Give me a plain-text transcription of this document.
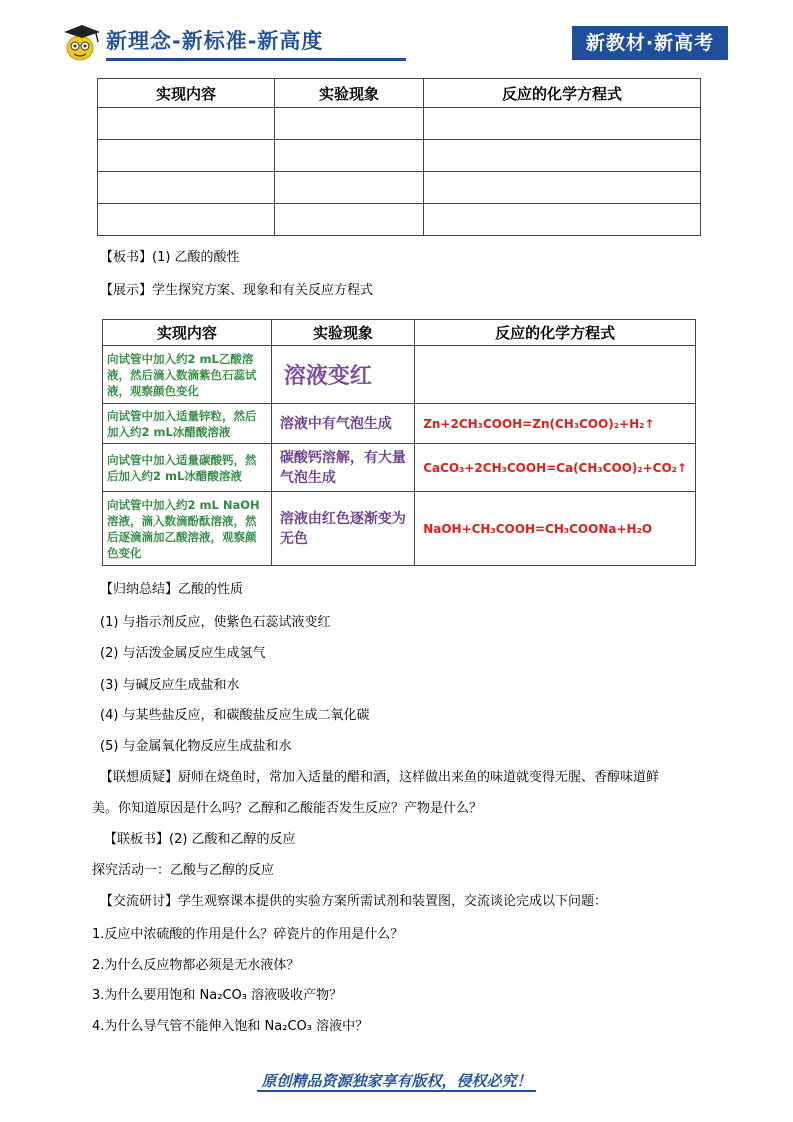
新理念-新标准-新高度	新教材·新高考
实现内容	实验现象	反应的化学方程式

【板书】(1) 乙酸的酸性
【展示】学生探究方案、现象和有关反应方程式
实现内容	实验现象	反应的化学方程式
向试管中加入约2 mL乙酸溶液，然后滴入数滴紫色石蕊试液，观察颜色变化	溶液变红	
向试管中加入适量锌粒，然后加入约2 mL冰醋酸溶液	溶液中有气泡生成	Zn+2CH₃COOH=Zn(CH₃COO)₂+H₂↑
向试管中加入适量碳酸钙，然后加入约2 mL冰醋酸溶液	碳酸钙溶解，有大量气泡生成	CaCO₃+2CH₃COOH=Ca(CH₃COO)₂+CO₂↑
向试管中加入约2 mL NaOH溶液，滴入数滴酚酞溶液，然后逐滴滴加乙酸溶液，观察颜色变化	溶液由红色逐渐变为无色	NaOH+CH₃COOH=CH₃COONa+H₂O
【归纳总结】乙酸的性质
(1) 与指示剂反应，使紫色石蕊试液变红
(2) 与活泼金属反应生成氢气
(3) 与碱反应生成盐和水
(4) 与某些盐反应，和碳酸盐反应生成二氧化碳
(5) 与金属氧化物反应生成盐和水
【联想质疑】厨师在烧鱼时，常加入适量的醋和酒，这样做出来鱼的味道就变得无腥、香醇味道鲜
美。你知道原因是什么吗？乙醇和乙酸能否发生反应？产物是什么？
【联板书】(2) 乙酸和乙醇的反应
探究活动一：乙酸与乙醇的反应
【交流研讨】学生观察课本提供的实验方案所需试剂和装置图，交流谈论完成以下问题：
1.反应中浓硫酸的作用是什么？碎瓷片的作用是什么？
2.为什么反应物都必须是无水液体？
3.为什么要用饱和 Na₂CO₃ 溶液吸收产物？
4.为什么导气管不能伸入饱和 Na₂CO₃ 溶液中？
原创精品资源独家享有版权，侵权必究！
